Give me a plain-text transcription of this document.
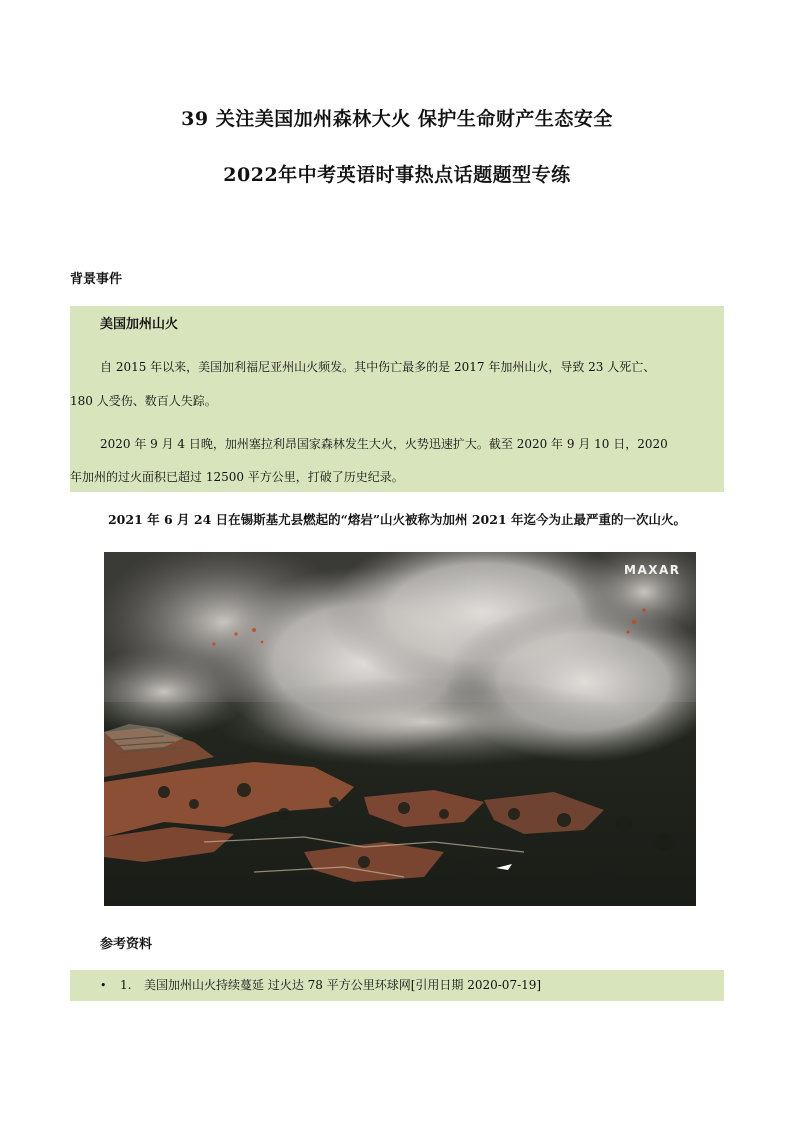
39 关注美国加州森林大火 保护生命财产生态安全
2022年中考英语时事热点话题题型专练
背景事件
美国加州山火
自 2015 年以来，美国加利福尼亚州山火频发。其中伤亡最多的是 2017 年加州山火，导致 23 人死亡、
180 人受伤、数百人失踪。
2020 年 9 月 4 日晚，加州塞拉利昂国家森林发生大火，火势迅速扩大。截至 2020 年 9 月 10 日，2020
年加州的过火面积已超过 12500 平方公里，打破了历史纪录。
2021 年 6 月 24 日在锡斯基尤县燃起的“熔岩”山火被称为加州 2021 年迄今为止最严重的一次山火。
MAXAR
参考资料
• 1. 美国加州山火持续蔓延 过火达 78 平方公里环球网[引用日期 2020-07-19]
